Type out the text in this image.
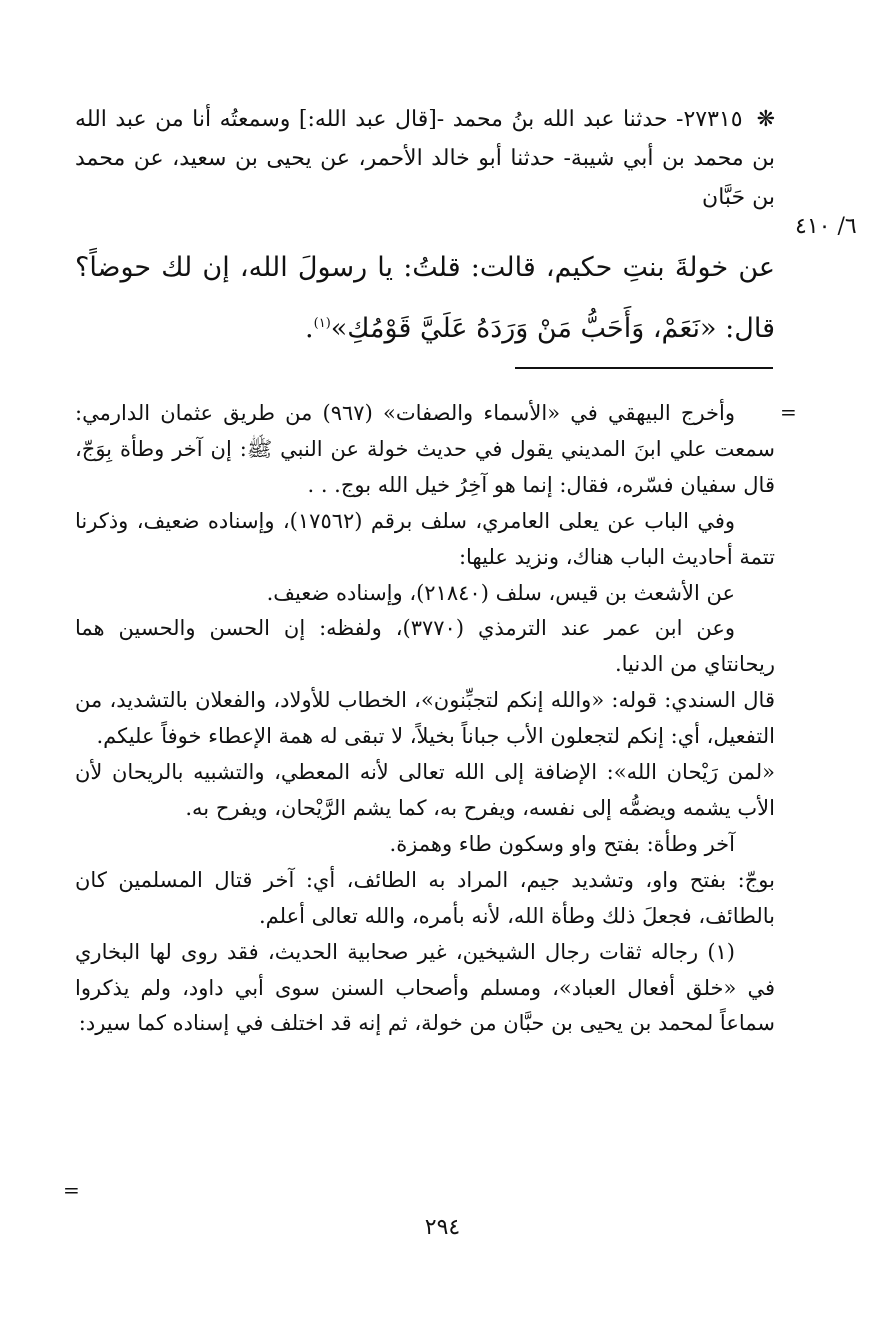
❋٢٧٣١٥- حدثنا عبد الله بنُ محمد -[قال عبد الله:] وسمعتُه أنا من عبد الله بن محمد بن أبي شيبة- حدثنا أبو خالد الأحمر، عن يحيى بن سعيد، عن محمد بن حَبَّان
٦/ ٤١٠
عن خولةَ بنتِ حكيم، قالت: قلتُ: يا رسولَ الله، إن لك حوضاً؟ قال: «نَعَمْ، وَأَحَبُّ مَنْ وَرَدَهُ عَلَيَّ قَوْمُكِ»$^{(١)}$.
=

وأخرج البيهقي في «الأسماء والصفات» (٩٦٧) من طريق عثمان الدارمي: سمعت علي ابنَ المديني يقول في حديث خولة عن النبي ﷺ: إن آخر وطأة بِوَجّ، قال سفيان فسّره، فقال: إنما هو آخِرُ خيل الله بوج. . .

وفي الباب عن يعلى العامري، سلف برقم (١٧٥٦٢)، وإسناده ضعيف، وذكرنا تتمة أحاديث الباب هناك، ونزيد عليها:

عن الأشعث بن قيس، سلف (٢١٨٤٠)، وإسناده ضعيف.

وعن ابن عمر عند الترمذي (٣٧٧٠)، ولفظه: إن الحسن والحسين هما ريحانتاي من الدنيا.

قال السندي: قوله: «والله إنكم لتجبِّنون»، الخطاب للأولاد، والفعلان بالتشديد، من التفعيل، أي: إنكم لتجعلون الأب جباناً بخيلاً، لا تبقى له همة الإعطاء خوفاً عليكم.

«لمن رَيْحان الله»: الإضافة إلى الله تعالى لأنه المعطي، والتشبيه بالريحان لأن الأب يشمه ويضمُّه إلى نفسه، ويفرح به، كما يشم الرَّيْحان، ويفرح به.

آخر وطأة: بفتح واو وسكون طاء وهمزة.

بوجّ: بفتح واو، وتشديد جيم، المراد به الطائف، أي: آخر قتال المسلمين كان بالطائف، فجعلَ ذلك وطأة الله، لأنه بأمره، والله تعالى أعلم.

(١) رجاله ثقات رجال الشيخين، غير صحابية الحديث، فقد روى لها البخاري في «خلق أفعال العباد»، ومسلم وأصحاب السنن سوى أبي داود، ولم يذكروا سماعاً لمحمد بن يحيى بن حبَّان من خولة، ثم إنه قد اختلف في إسناده كما سيرد:

=
٢٩٤
